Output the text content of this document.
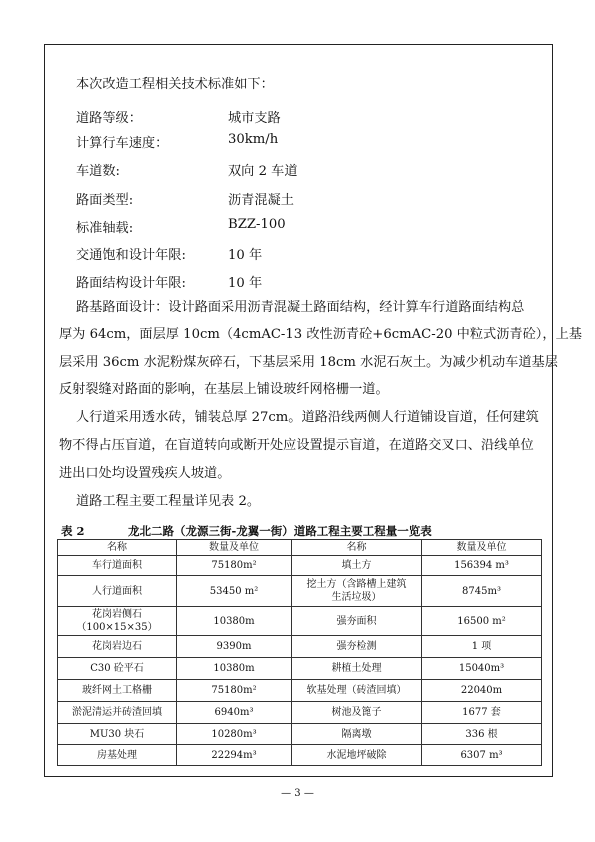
本次改造工程相关技术标准如下：
道路等级：	城市支路
计算行车速度：	30km/h
车道数:	双向 2 车道
路面类型:	沥青混凝土
标准轴载:	BZZ-100
交通饱和设计年限:	10 年
路面结构设计年限:	10 年
路基路面设计：设计路面采用沥青混凝土路面结构，经计算车行道路面结构总
厚为 64cm，面层厚 10cm（4cmAC-13 改性沥青砼+6cmAC-20 中粒式沥青砼），上基
层采用 36cm 水泥粉煤灰碎石，下基层采用 18cm 水泥石灰土。为减少机动车道基层
反射裂缝对路面的影响，在基层上铺设玻纤网格栅一道。
人行道采用透水砖，铺装总厚 27cm。道路沿线两侧人行道铺设盲道，任何建筑
物不得占压盲道，在盲道转向或断开处应设置提示盲道，在道路交叉口、沿线单位
进出口处均设置残疾人坡道。
道路工程主要工程量详见表 2。
表 2	龙北二路（龙源三街-龙翼一街）道路工程主要工程量一览表
名称	数量及单位	名称	数量及单位
车行道面积	75180m²	填土方	156394 m³
人行道面积	53450 m²	挖土方（含路槽上建筑生活垃圾）	8745m³
花岗岩侧石（100×15×35）	10380m	强夯面积	16500 m²
花岗岩边石	9390m	强夯检测	1 项
C30 砼平石	10380m	耕植土处理	15040m³
玻纤网土工格栅	75180m²	软基处理（砖渣回填）	22040m
淤泥清运并砖渣回填	6940m³	树池及篦子	1677 套
MU30 块石	10280m³	隔离墩	336 根
房基处理	22294m³	水泥地坪破除	6307 m³
— 3 —
